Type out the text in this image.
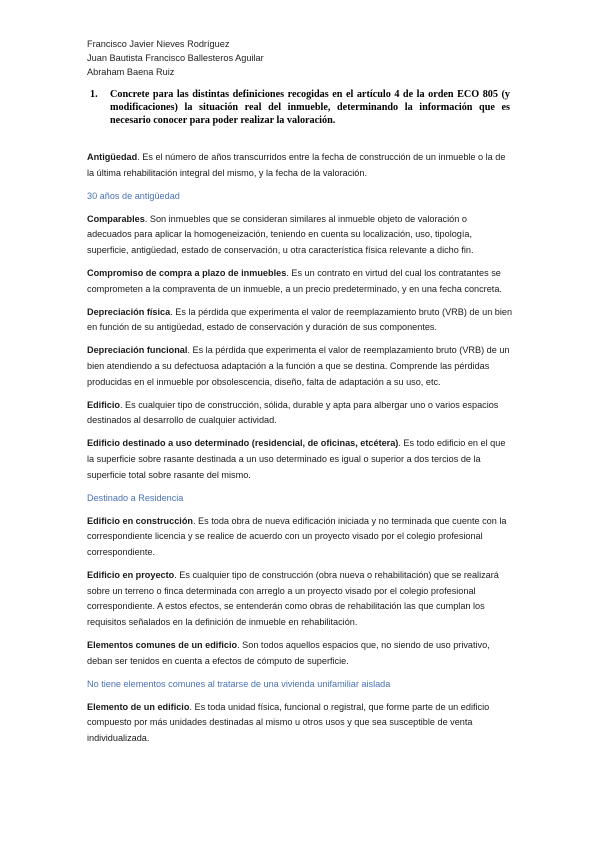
Francisco Javier Nieves Rodríguez
Juan Bautista Francisco Ballesteros Aguilar
Abraham Baena Ruiz
1. Concrete para las distintas definiciones recogidas en el artículo 4 de la orden ECO 805 (y modificaciones) la situación real del inmueble, determinando la información que es necesario conocer para poder realizar la valoración.

Antigüedad. Es el número de años transcurridos entre la fecha de construcción de un inmueble o la de la última rehabilitación integral del mismo, y la fecha de la valoración.

30 años de antigüedad

Comparables. Son inmuebles que se consideran similares al inmueble objeto de valoración o adecuados para aplicar la homogeneización, teniendo en cuenta su localización, uso, tipología, superficie, antigüedad, estado de conservación, u otra característica física relevante a dicho fin.

Compromiso de compra a plazo de inmuebles. Es un contrato en virtud del cual los contratantes se comprometen a la compraventa de un inmueble, a un precio predeterminado, y en una fecha concreta.

Depreciación física. Es la pérdida que experimenta el valor de reemplazamiento bruto (VRB) de un bien en función de su antigüedad, estado de conservación y duración de sus componentes.

Depreciación funcional. Es la pérdida que experimenta el valor de reemplazamiento bruto (VRB) de un bien atendiendo a su defectuosa adaptación a la función a que se destina. Comprende las pérdidas producidas en el inmueble por obsolescencia, diseño, falta de adaptación a su uso, etc.

Edificio. Es cualquier tipo de construcción, sólida, durable y apta para albergar uno o varios espacios destinados al desarrollo de cualquier actividad.

Edificio destinado a uso determinado (residencial, de oficinas, etcétera). Es todo edificio en el que la superficie sobre rasante destinada a un uso determinado es igual o superior a dos tercios de la superficie total sobre rasante del mismo.

Destinado a Residencia

Edificio en construcción. Es toda obra de nueva edificación iniciada y no terminada que cuente con la correspondiente licencia y se realice de acuerdo con un proyecto visado por el colegio profesional correspondiente.

Edificio en proyecto. Es cualquier tipo de construcción (obra nueva o rehabilitación) que se realizará sobre un terreno o finca determinada con arreglo a un proyecto visado por el colegio profesional correspondiente. A estos efectos, se entenderán como obras de rehabilitación las que cumplan los requisitos señalados en la definición de inmueble en rehabilitación.

Elementos comunes de un edificio. Son todos aquellos espacios que, no siendo de uso privativo, deban ser tenidos en cuenta a efectos de cómputo de superficie.

No tiene elementos comunes al tratarse de una vivienda unifamiliar aislada

Elemento de un edificio. Es toda unidad física, funcional o registral, que forme parte de un edificio compuesto por más unidades destinadas al mismo u otros usos y que sea susceptible de venta individualizada.
